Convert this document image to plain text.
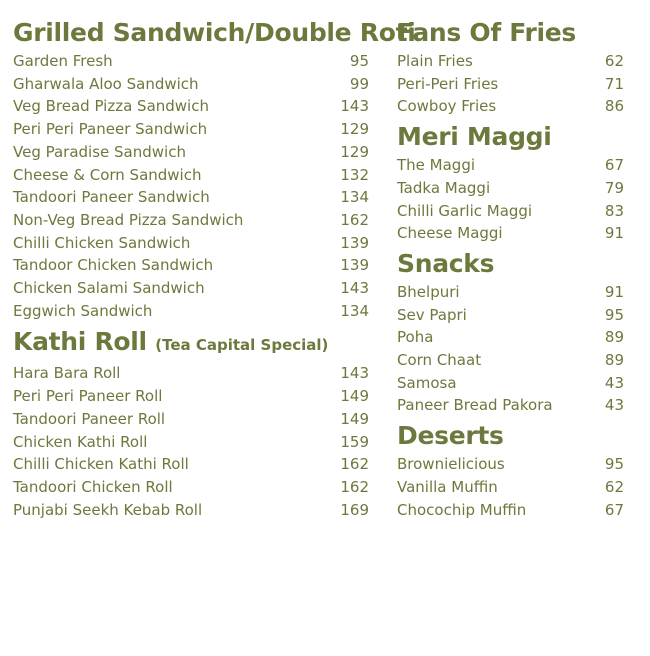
Grilled Sandwich/Double Roti
Garden Fresh	95
Gharwala Aloo Sandwich	99
Veg Bread Pizza Sandwich	143
Peri Peri Paneer Sandwich	129
Veg Paradise Sandwich	129
Cheese & Corn Sandwich	132
Tandoori Paneer Sandwich	134
Non-Veg Bread Pizza Sandwich	162
Chilli Chicken Sandwich	139
Tandoor Chicken Sandwich	139
Chicken Salami Sandwich	143
Eggwich Sandwich	134
Kathi Roll (Tea Capital Special)
Hara Bara Roll	143
Peri Peri Paneer Roll	149
Tandoori Paneer Roll	149
Chicken Kathi Roll	159
Chilli Chicken Kathi Roll	162
Tandoori Chicken Roll	162
Punjabi Seekh Kebab Roll	169
Fans Of Fries
Plain Fries	62
Peri-Peri Fries	71
Cowboy Fries	86
Meri Maggi
The Maggi	67
Tadka Maggi	79
Chilli Garlic Maggi	83
Cheese Maggi	91
Snacks
Bhelpuri	91
Sev Papri	95
Poha	89
Corn Chaat	89
Samosa	43
Paneer Bread Pakora	43
Deserts
Brownielicious	95
Vanilla Muffin	62
Chocochip Muffin	67
